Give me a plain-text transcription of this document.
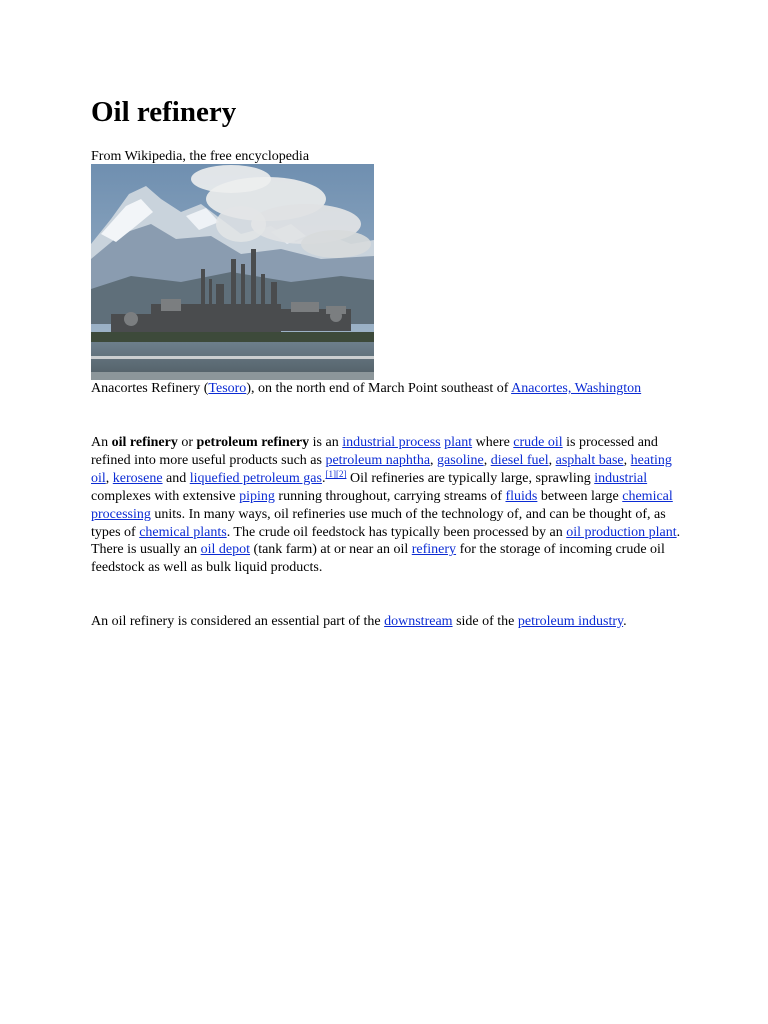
Oil refinery
From Wikipedia, the free encyclopedia
Anacortes Refinery (Tesoro), on the north end of March Point southeast of Anacortes, Washington

An oil refinery or petroleum refinery is an industrial process plant where crude oil is processed and refined into more useful products such as petroleum naphtha, gasoline, diesel fuel, asphalt base, heating oil, kerosene and liquefied petroleum gas.[1][2] Oil refineries are typically large, sprawling industrial complexes with extensive piping running throughout, carrying streams of fluids between large chemical processing units. In many ways, oil refineries use much of the technology of, and can be thought of, as types of chemical plants. The crude oil feedstock has typically been processed by an oil production plant. There is usually an oil depot (tank farm) at or near an oil refinery for the storage of incoming crude oil feedstock as well as bulk liquid products.

An oil refinery is considered an essential part of the downstream side of the petroleum industry.
